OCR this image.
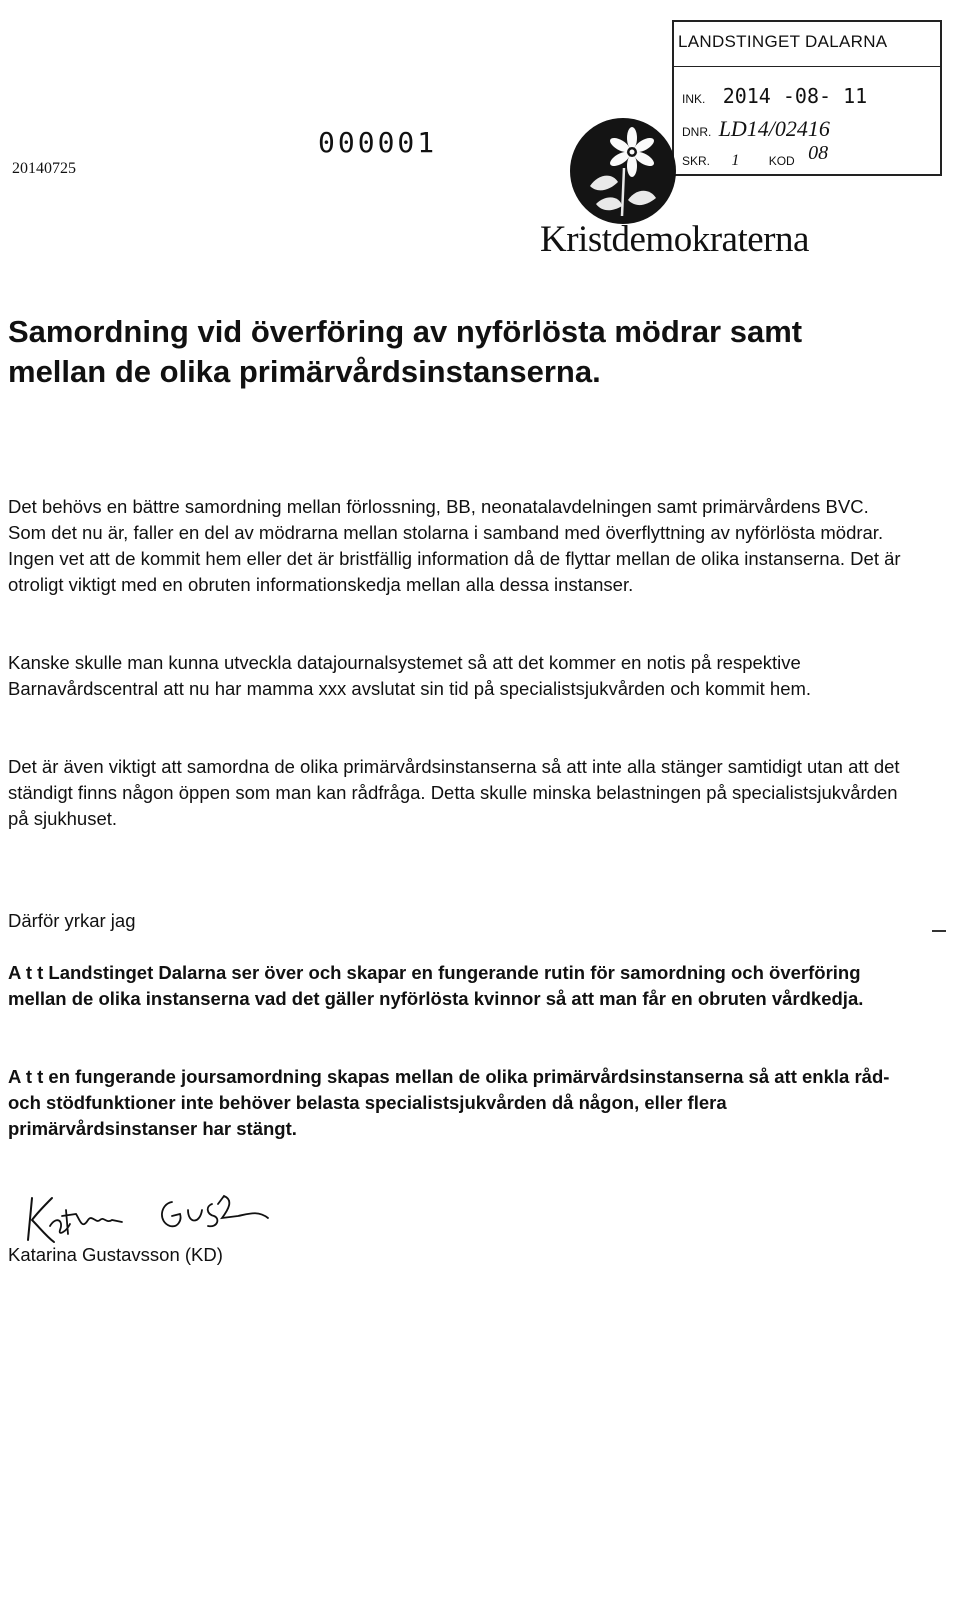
20140725
000001
LANDSTINGET DALARNA
INK. 2014 -08- 11
DNR. LD14/02416
SKR. 1 KOD 08
Kristdemokraterna
Samordning vid överföring av nyförlösta mödrar samt mellan de olika primärvårdsinstanserna.

Det behövs en bättre samordning mellan förlossning, BB, neonatalavdelningen samt primärvårdens BVC. Som det nu är, faller en del av mödrarna mellan stolarna i samband med överflyttning av nyförlösta mödrar. Ingen vet att de kommit hem eller det är bristfällig information då de flyttar mellan de olika instanserna. Det är otroligt viktigt med en obruten informationskedja mellan alla dessa instanser.

Kanske skulle man kunna utveckla datajournalsystemet så att det kommer en notis på respektive Barnavårdscentral att nu har mamma xxx avslutat sin tid på specialistsjukvården och kommit hem.

Det är även viktigt att samordna de olika primärvårdsinstanserna så att inte alla stänger samtidigt utan att det ständigt finns någon öppen som man kan rådfråga. Detta skulle minska belastningen på specialistsjukvården på sjukhuset.

Därför yrkar jag

A t t Landstinget Dalarna ser över och skapar en fungerande rutin för samordning och överföring mellan de olika instanserna vad det gäller nyförlösta kvinnor så att man får en obruten vårdkedja.

A t t en fungerande joursamordning skapas mellan de olika primärvårdsinstanserna så att enkla råd- och stödfunktioner inte behöver belasta specialistsjukvården då någon, eller flera primärvårdsinstanser har stängt.

Katarina Gustavsson (KD)
